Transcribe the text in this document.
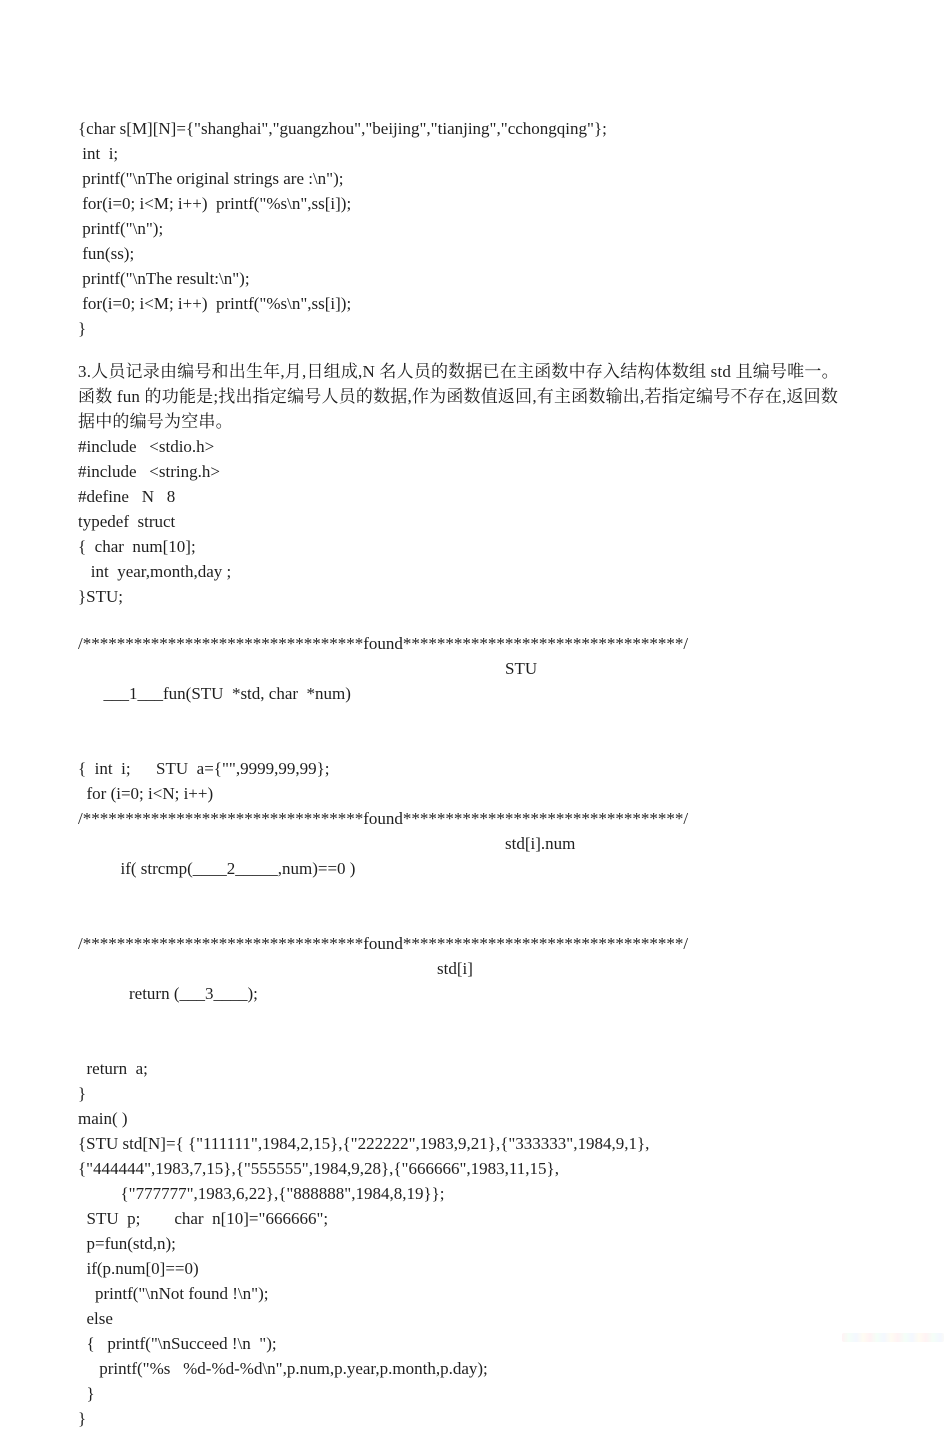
{char s[M][N]={"shanghai","guangzhou","beijing","tianjing","cchongqing"};
int  i;
printf("\nThe original strings are :\n");
for(i=0; i<M; i++)  printf("%s\n",ss[i]);
printf("\n");
fun(ss);
printf("\nThe result:\n");
for(i=0; i<M; i++)  printf("%s\n",ss[i]);
}
3.人员记录由编号和出生年,月,日组成,N 名人员的数据已在主函数中存入结构体数组 std 且编号唯一。
函数 fun 的功能是;找出指定编号人员的数据,作为函数值返回,有主函数输出,若指定编号不存在,返回数
据中的编号为空串。
#include   <stdio.h>
#include   <string.h>
#define   N   8
typedef  struct
{  char  num[10];
int  year,month,day ;
}STU;
/*********************************found*********************************/

___1___fun(STU  *std, char  *num)

STU

{  int  i;      STU  a={"",9999,99,99};
for (i=0; i<N; i++)
/*********************************found*********************************/

if( strcmp(____2_____,num)==0 )

std[i].num

/*********************************found*********************************/

return (___3____);

std[i]

return  a;
}
main( )
{STU std[N]={ {"111111",1984,2,15},{"222222",1983,9,21},{"333333",1984,9,1},
{"444444",1983,7,15},{"555555",1984,9,28},{"666666",1983,11,15},
{"777777",1983,6,22},{"888888",1984,8,19}};
STU  p;        char  n[10]="666666";
p=fun(std,n);
if(p.num[0]==0)
printf("\nNot found !\n");
else
{   printf("\nSucceed !\n  ");
printf("%s   %d-%d-%d\n",p.num,p.year,p.month,p.day);
}
}
